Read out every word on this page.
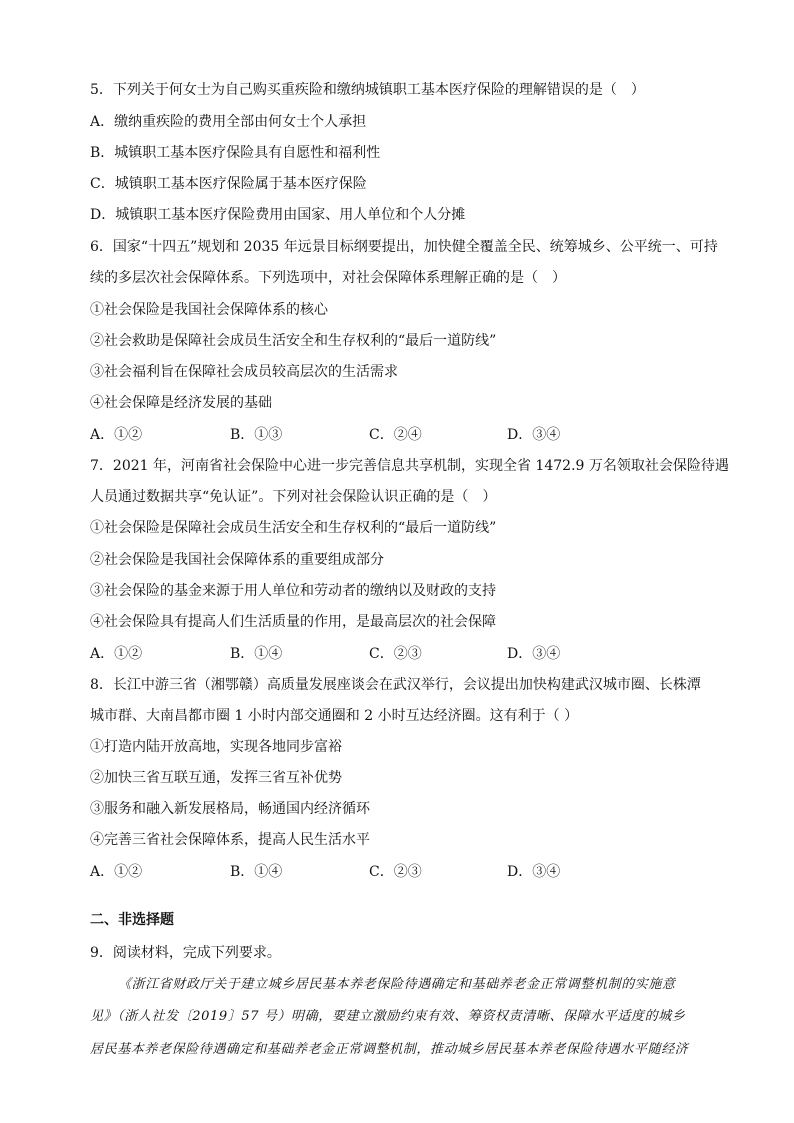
5．下列关于何女士为自己购买重疾险和缴纳城镇职工基本医疗保险的理解错误的是（　）
A．缴纳重疾险的费用全部由何女士个人承担
B．城镇职工基本医疗保险具有自愿性和福利性
C．城镇职工基本医疗保险属于基本医疗保险
D．城镇职工基本医疗保险费用由国家、用人单位和个人分摊
6．国家“十四五”规划和 2035 年远景目标纲要提出，加快健全覆盖全民、统筹城乡、公平统一、可持
续的多层次社会保障体系。下列选项中，对社会保障体系理解正确的是（　）
①社会保险是我国社会保障体系的核心
②社会救助是保障社会成员生活安全和生存权利的“最后一道防线”
③社会福利旨在保障社会成员较高层次的生活需求
④社会保障是经济发展的基础
A．①②	B．①③	C．②④	D．③④
7．2021 年，河南省社会保险中心进一步完善信息共享机制，实现全省 1472.9 万名领取社会保险待遇
人员通过数据共享“免认证”。下列对社会保险认识正确的是（　）
①社会保险是保障社会成员生活安全和生存权利的“最后一道防线”
②社会保险是我国社会保障体系的重要组成部分
③社会保险的基金来源于用人单位和劳动者的缴纳以及财政的支持
④社会保险具有提高人们生活质量的作用，是最高层次的社会保障
A．①②	B．①④	C．②③	D．③④
8．长江中游三省（湘鄂赣）高质量发展座谈会在武汉举行，会议提出加快构建武汉城市圈、长株潭
城市群、大南昌都市圈 1 小时内部交通圈和 2 小时互达经济圈。这有利于（ ）
①打造内陆开放高地，实现各地同步富裕
②加快三省互联互通，发挥三省互补优势
③服务和融入新发展格局，畅通国内经济循环
④完善三省社会保障体系，提高人民生活水平
A．①②	B．①④	C．②③	D．③④
二、非选择题
9．阅读材料，完成下列要求。
《浙江省财政厅关于建立城乡居民基本养老保险待遇确定和基础养老金正常调整机制的实施意
见》（浙人社发〔2019〕57 号）明确，要建立激励约束有效、筹资权责清晰、保障水平适度的城乡
居民基本养老保险待遇确定和基础养老金正常调整机制，推动城乡居民基本养老保险待遇水平随经济
